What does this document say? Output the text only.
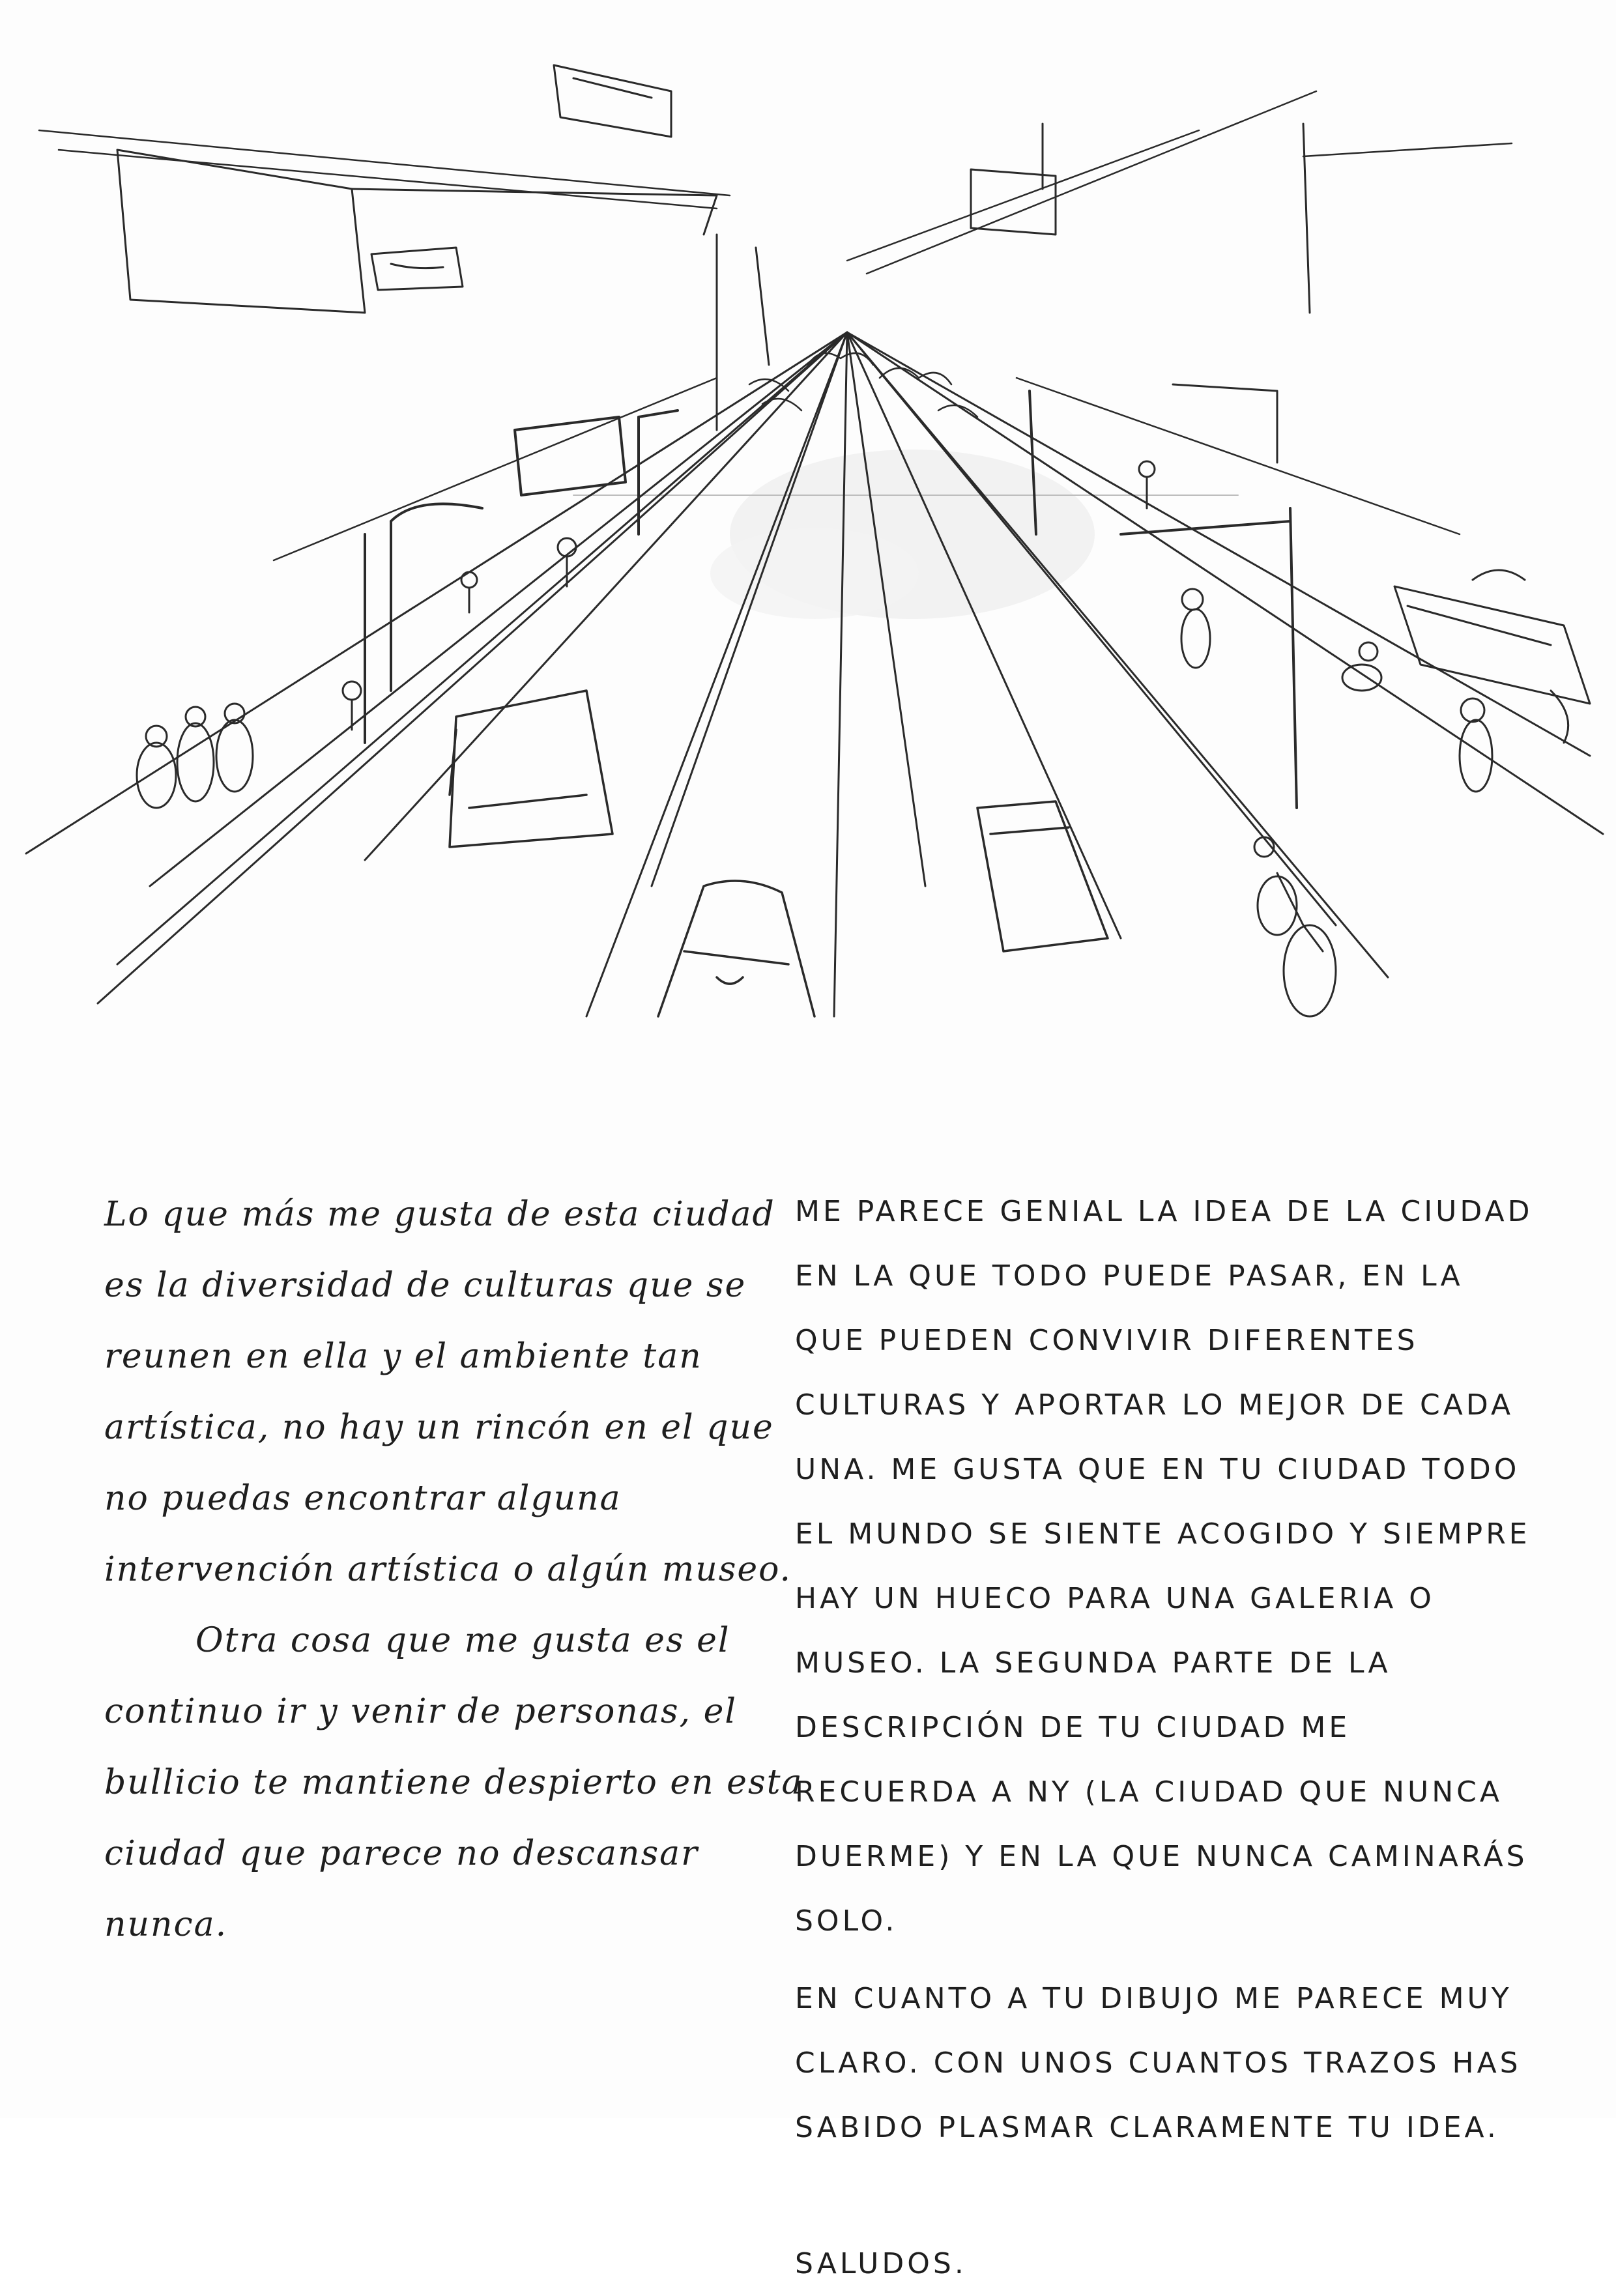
Lo que más me gusta de esta ciudad es la diversidad de culturas que se reunen en ella y el ambiente tan artística, no hay un rincón en el que no puedas encontrar alguna intervención artística o algún museo.

Otra cosa que me gusta es el continuo ir y venir de personas, el bullicio te mantiene despierto en esta ciudad que parece no descansar nunca.

ME PARECE GENIAL LA IDEA DE LA CIUDAD EN LA QUE TODO PUEDE PASAR, EN LA QUE PUEDEN CONVIVIR DIFERENTES CULTURAS Y APORTAR LO MEJOR DE CADA UNA. ME GUSTA QUE EN TU CIUDAD TODO EL MUNDO SE SIENTE ACOGIDO Y SIEMPRE HAY UN HUECO PARA UNA GALERIA O MUSEO. LA SEGUNDA PARTE DE LA DESCRIPCIÓN DE TU CIUDAD ME RECUERDA A NY (LA CIUDAD QUE NUNCA DUERME) Y EN LA QUE NUNCA CAMINARÁS SOLO.

EN CUANTO A TU DIBUJO ME PARECE MUY CLARO. CON UNOS CUANTOS TRAZOS HAS SABIDO PLASMAR CLARAMENTE TU IDEA.

SALUDOS.
